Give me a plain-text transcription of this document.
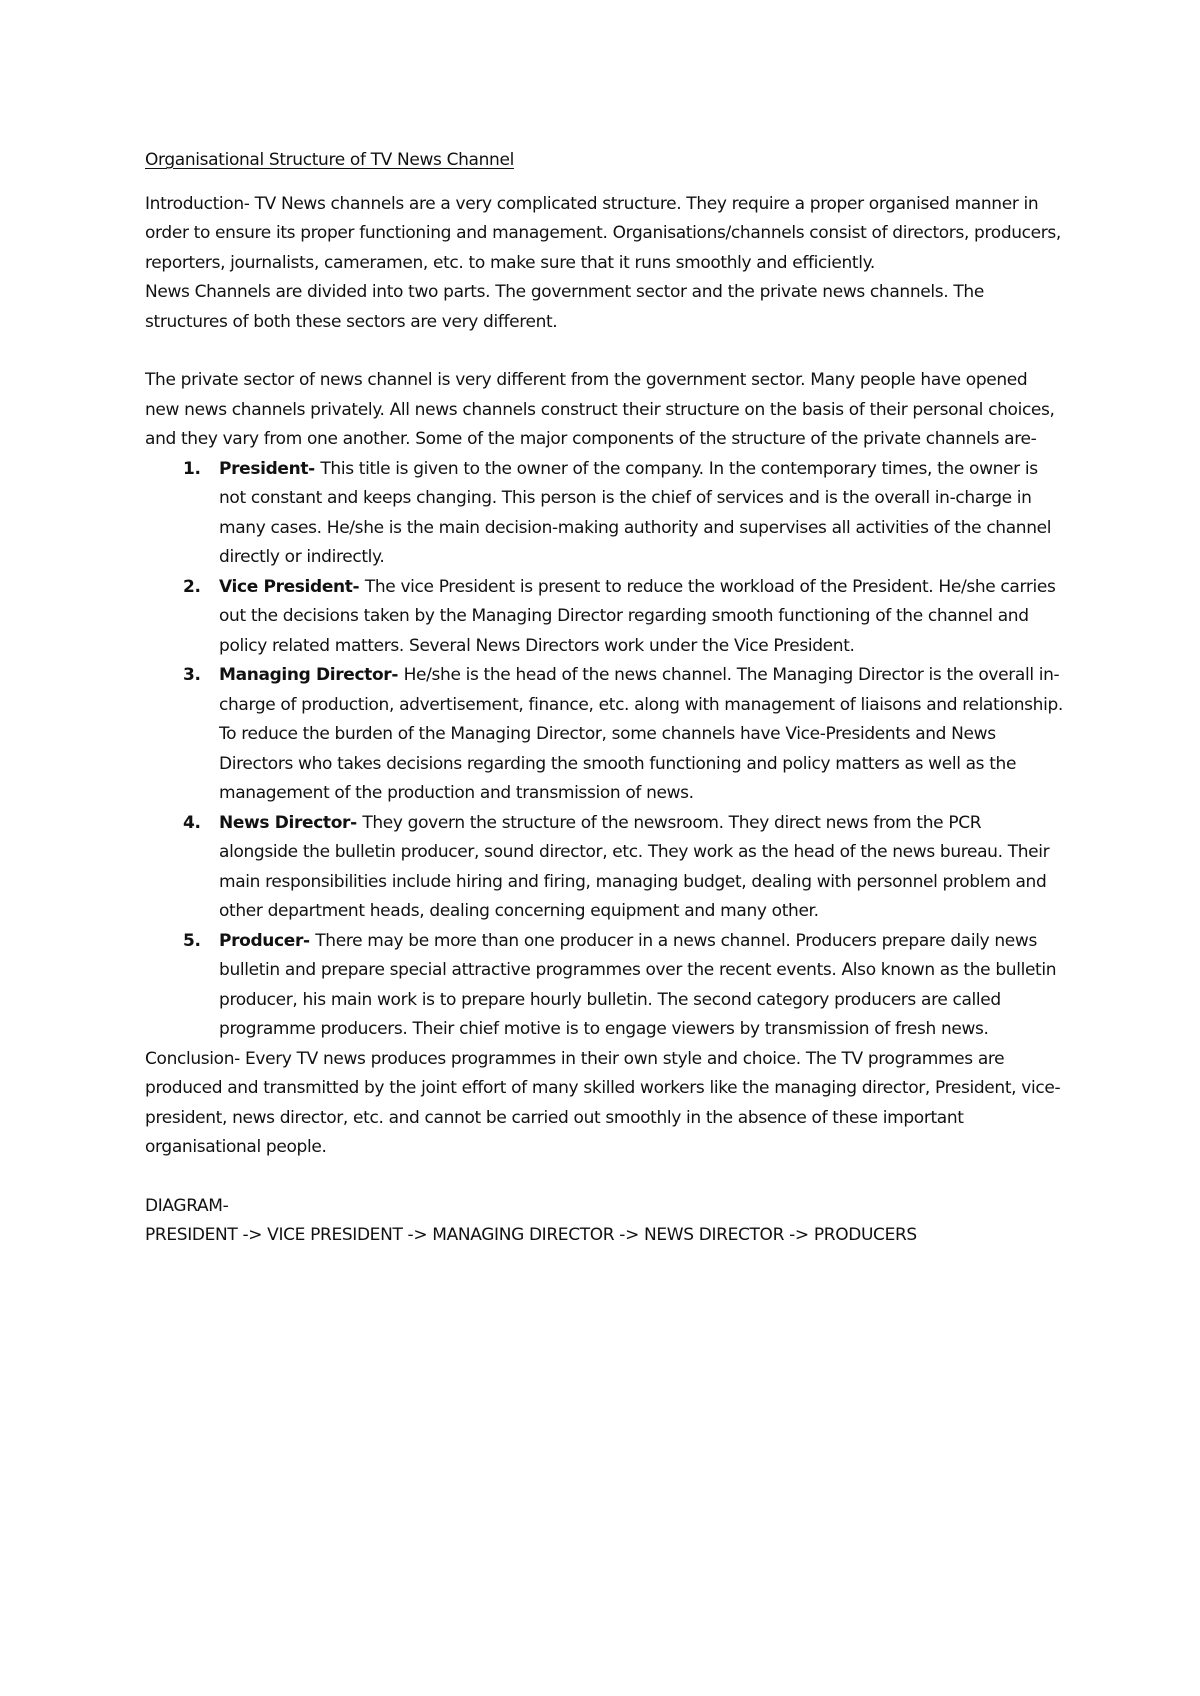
Organisational Structure of TV News Channel

Introduction- TV News channels are a very complicated structure. They require a proper organised manner in order to ensure its proper functioning and management. Organisations/channels consist of directors, producers, reporters, journalists, cameramen, etc. to make sure that it runs smoothly and efficiently.

News Channels are divided into two parts. The government sector and the private news channels. The structures of both these sectors are very different.

The private sector of news channel is very different from the government sector. Many people have opened new news channels privately. All news channels construct their structure on the basis of their personal choices, and they vary from one another. Some of the major components of the structure of the private channels are-

1. President- This title is given to the owner of the company. In the contemporary times, the owner is not constant and keeps changing. This person is the chief of services and is the overall in-charge in many cases. He/she is the main decision-making authority and supervises all activities of the channel directly or indirectly.
2. Vice President- The vice President is present to reduce the workload of the President. He/she carries out the decisions taken by the Managing Director regarding smooth functioning of the channel and policy related matters. Several News Directors work under the Vice President.
3. Managing Director- He/she is the head of the news channel. The Managing Director is the overall in-charge of production, advertisement, finance, etc. along with management of liaisons and relationship. To reduce the burden of the Managing Director, some channels have Vice-Presidents and News Directors who takes decisions regarding the smooth functioning and policy matters as well as the management of the production and transmission of news.
4. News Director- They govern the structure of the newsroom. They direct news from the PCR alongside the bulletin producer, sound director, etc. They work as the head of the news bureau. Their main responsibilities include hiring and firing, managing budget, dealing with personnel problem and other department heads, dealing concerning equipment and many other.
5. Producer- There may be more than one producer in a news channel. Producers prepare daily news bulletin and prepare special attractive programmes over the recent events. Also known as the bulletin producer, his main work is to prepare hourly bulletin. The second category producers are called programme producers. Their chief motive is to engage viewers by transmission of fresh news.

Conclusion- Every TV news produces programmes in their own style and choice. The TV programmes are produced and transmitted by the joint effort of many skilled workers like the managing director, President, vice-president, news director, etc. and cannot be carried out smoothly in the absence of these important organisational people.

DIAGRAM-

PRESIDENT -> VICE PRESIDENT -> MANAGING DIRECTOR -> NEWS DIRECTOR -> PRODUCERS
